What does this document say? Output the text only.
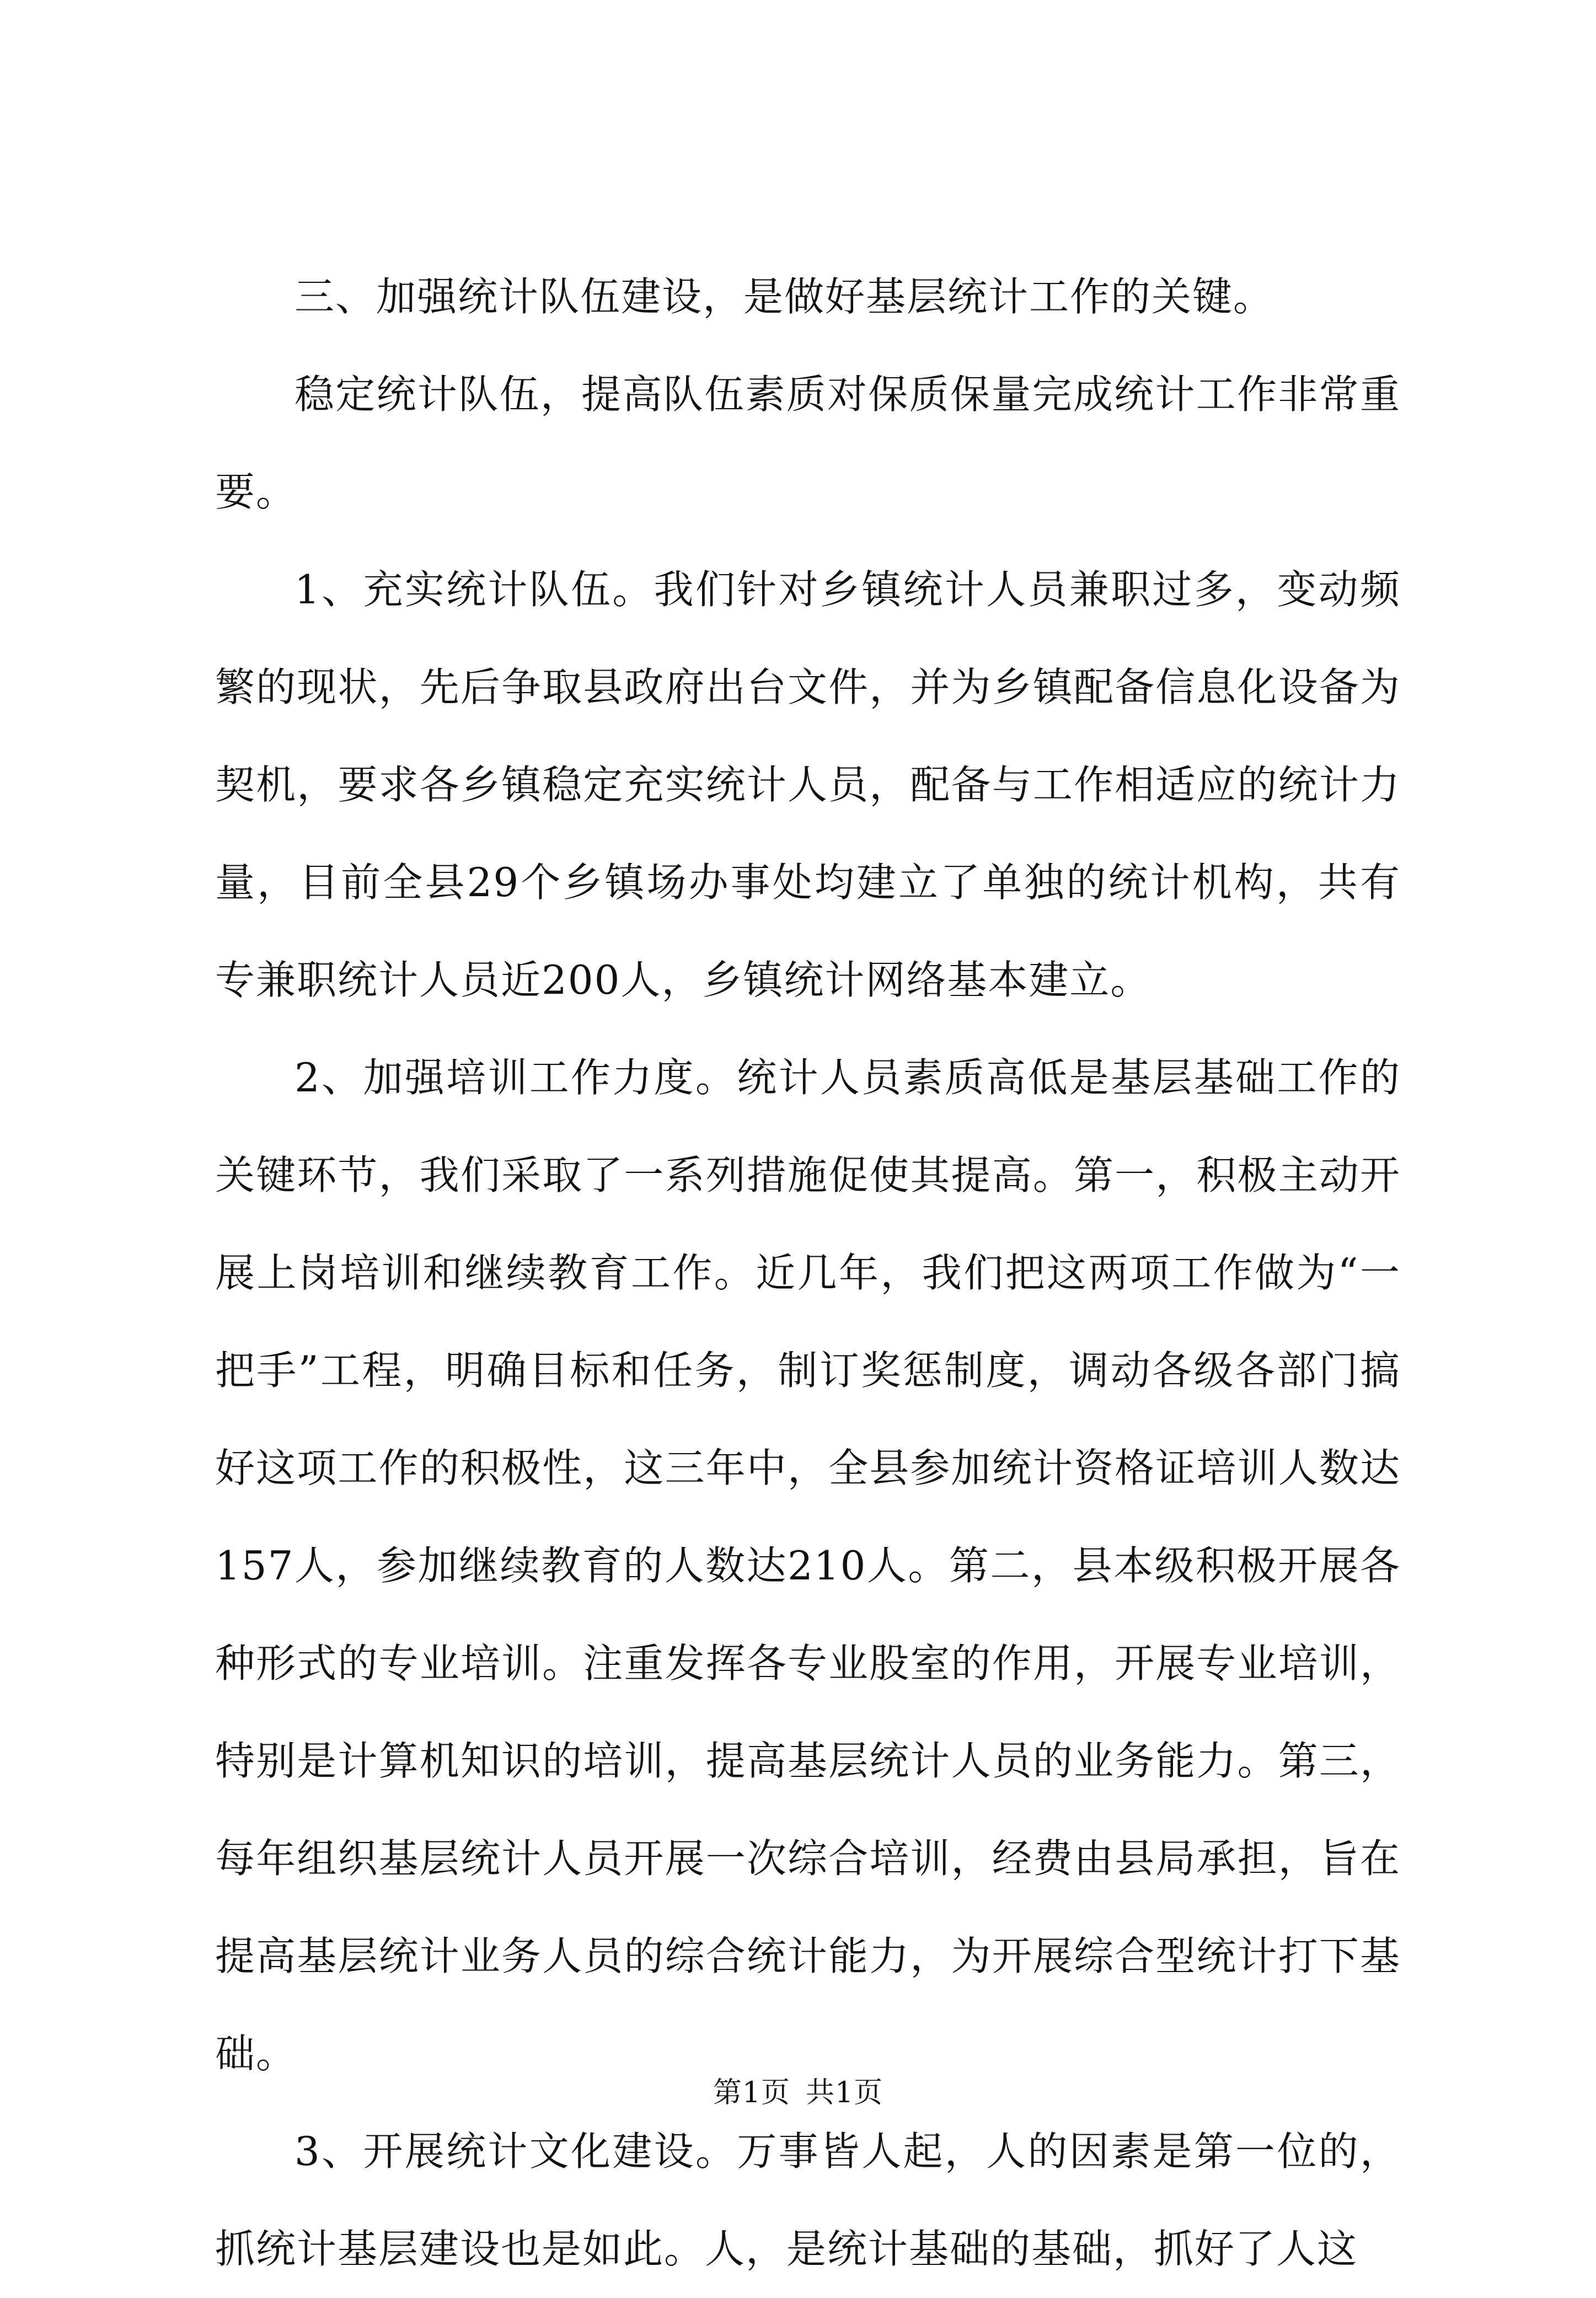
三、加强统计队伍建设，是做好基层统计工作的关键。

稳定统计队伍，提高队伍素质对保质保量完成统计工作非常重要。

1、充实统计队伍。我们针对乡镇统计人员兼职过多，变动频繁的现状，先后争取县政府出台文件，并为乡镇配备信息化设备为契机，要求各乡镇稳定充实统计人员，配备与工作相适应的统计力量，目前全县29个乡镇场办事处均建立了单独的统计机构，共有专兼职统计人员近200人，乡镇统计网络基本建立。

2、加强培训工作力度。统计人员素质高低是基层基础工作的关键环节，我们采取了一系列措施促使其提高。第一，积极主动开展上岗培训和继续教育工作。近几年，我们把这两项工作做为“一把手”工程，明确目标和任务，制订奖惩制度，调动各级各部门搞好这项工作的积极性，这三年中，全县参加统计资格证培训人数达157人，参加继续教育的人数达210人。第二，县本级积极开展各种形式的专业培训。注重发挥各专业股室的作用，开展专业培训，特别是计算机知识的培训，提高基层统计人员的业务能力。第三，每年组织基层统计人员开展一次综合培训，经费由县局承担，旨在提高基层统计业务人员的综合统计能力，为开展综合型统计打下基础。

3、开展统计文化建设。万事皆人起，人的因素是第一位的，抓统计基层建设也是如此。人，是统计基础的基础，抓好了人这

第1页 共1页
